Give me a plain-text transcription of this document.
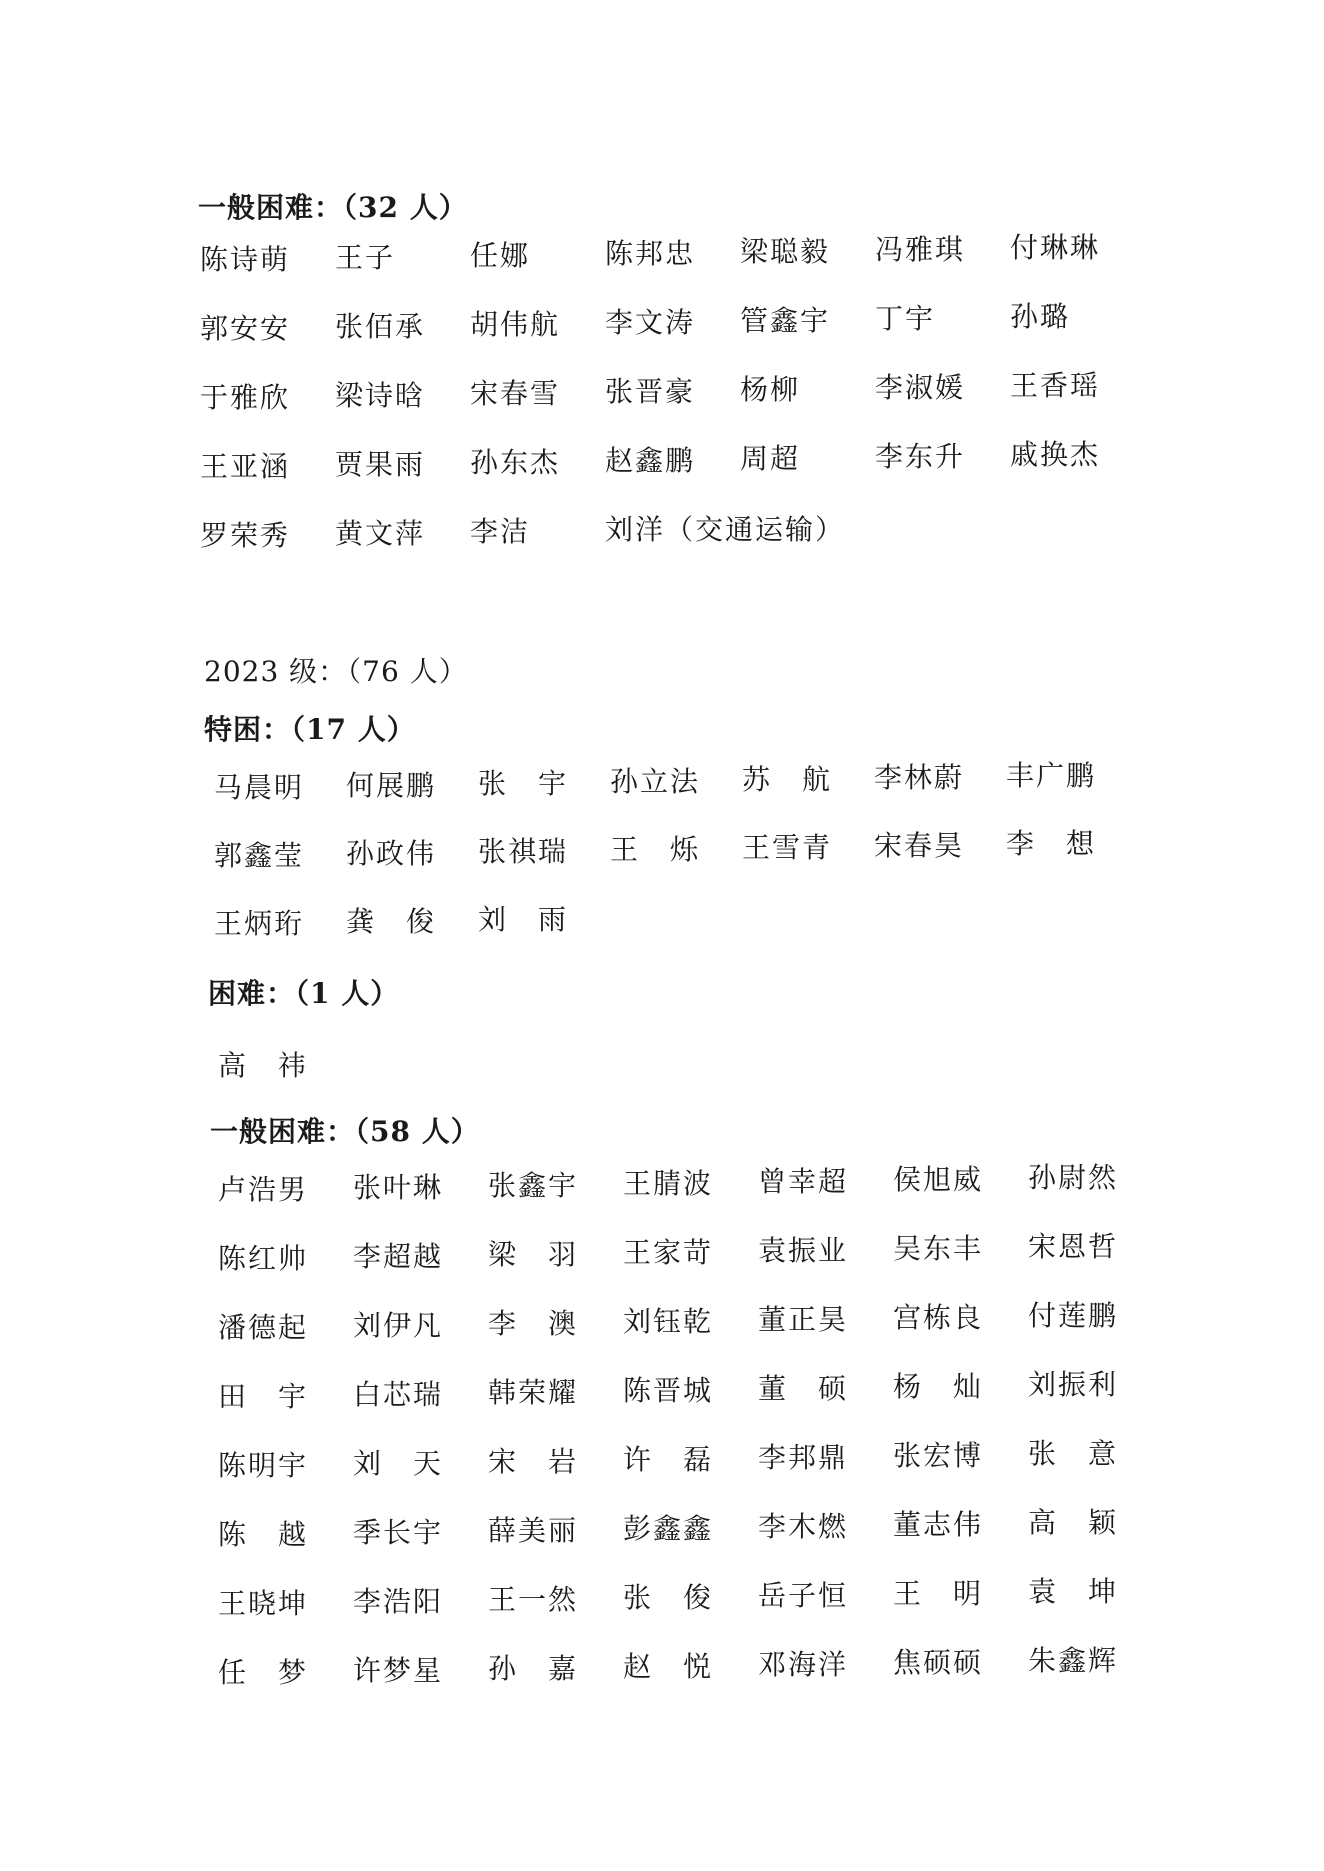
一般困难：（32 人）
陈诗萌 王子	任娜	陈邦忠 梁聪毅 冯雅琪 付琳琳
郭安安 张佰承 胡伟航 李文涛 管鑫宇 丁宇	孙璐
于雅欣 梁诗晗 宋春雪 张晋豪 杨柳	李淑媛 王香瑶
王亚涵 贾果雨 孙东杰 赵鑫鹏 周超	李东升 戚换杰
罗荣秀 黄文萍 李洁	刘洋（交通运输）
2023 级：（76 人）
特困：（17 人）
马晨明 何展鹏 张　宇 孙立法 苏　航 李林蔚 丰广鹏
郭鑫莹 孙政伟 张祺瑞 王　烁 王雪青 宋春昊 李　想
王炳珩 龚　俊 刘　雨
困难：（1 人）
高　祎
一般困难：（58 人）
卢浩男 张叶琳 张鑫宇 王腈波 曾幸超 侯旭威 孙尉然
陈红帅 李超越 梁　羽 王家苛 袁振业 吴东丰 宋恩哲
潘德起 刘伊凡 李　澳 刘钰乾 董正昊 宫栋良 付莲鹏
田　宇 白芯瑞 韩荣耀 陈晋城 董　硕 杨　灿 刘振利
陈明宇 刘　天 宋　岩 许　磊 李邦鼎 张宏博 张　意
陈　越 季长宇 薛美丽 彭鑫鑫 李木燃 董志伟 高　颖
王晓坤 李浩阳 王一然 张　俊 岳子恒 王　明 袁　坤
任　梦 许梦星 孙　嘉 赵　悦 邓海洋 焦硕硕 朱鑫辉
